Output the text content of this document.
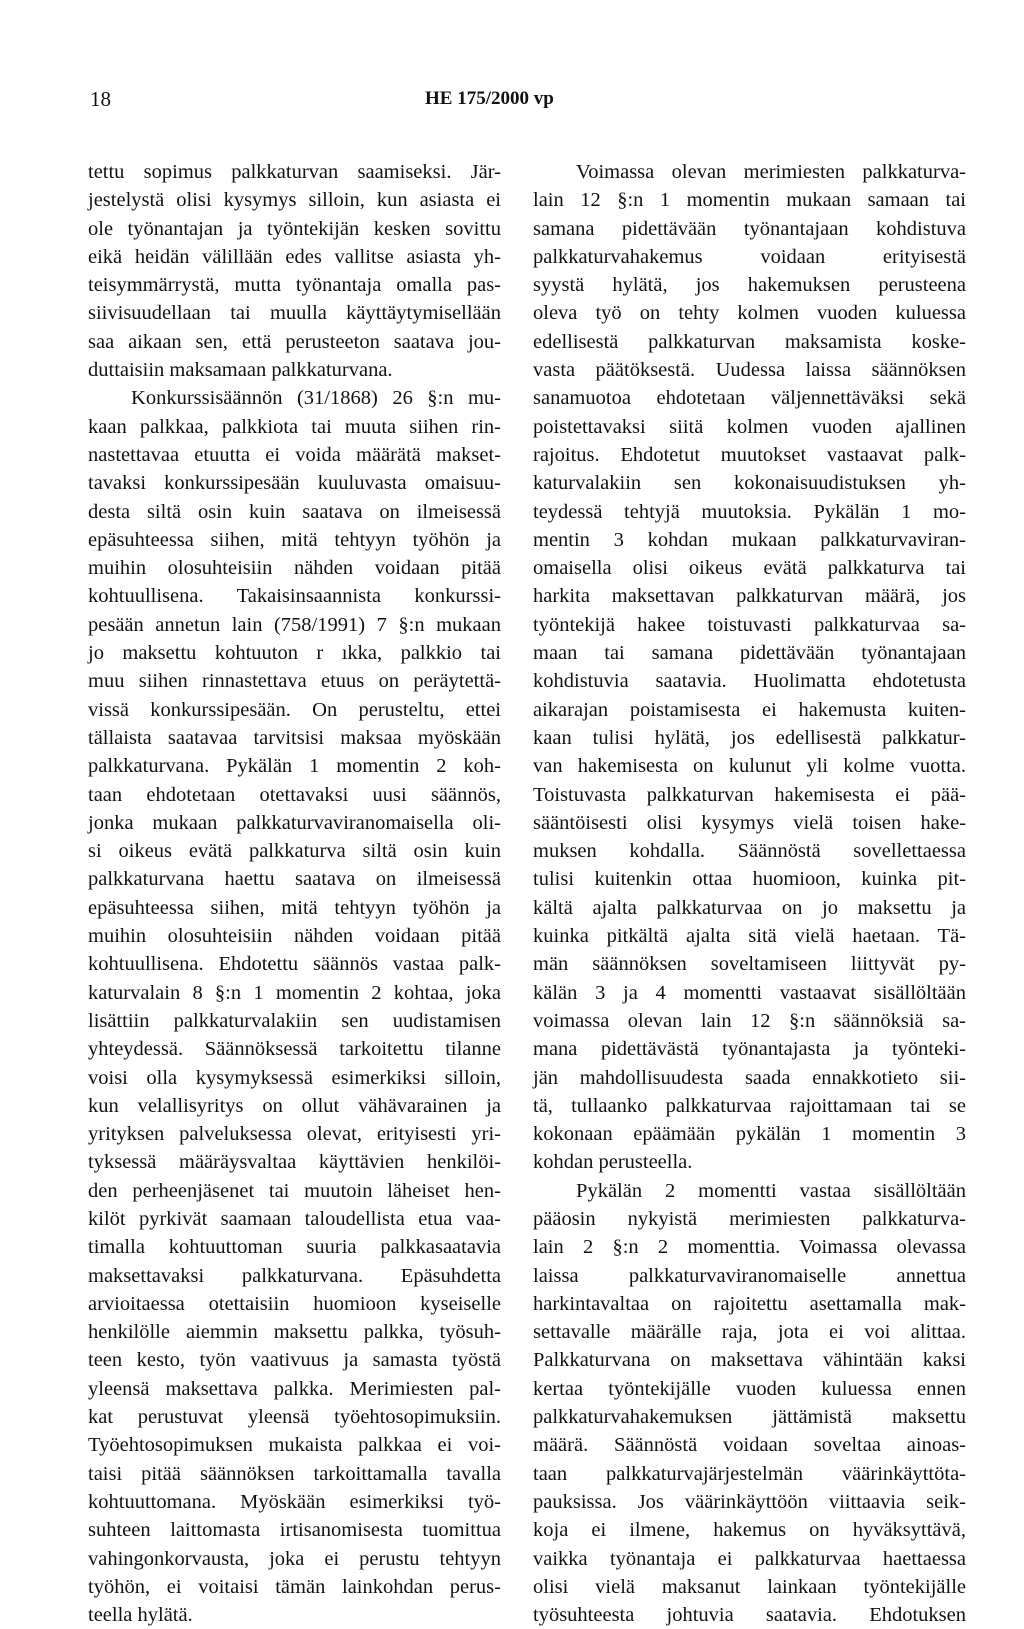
18	HE 175/2000 vp
tettu sopimus palkkaturvan saamiseksi. Jär-
jestelystä olisi kysymys silloin, kun asiasta ei
ole työnantajan ja työntekijän kesken sovittu
eikä heidän välillään edes vallitse asiasta yh-
teisymmärrystä, mutta työnantaja omalla pas-
siivisuudellaan tai muulla käyttäytymisellään
saa aikaan sen, että perusteeton saatava jou-
duttaisiin maksamaan palkkaturvana.
Konkurssisäännön (31/1868) 26 §:n mu-
kaan palkkaa, palkkiota tai muuta siihen rin-
nastettavaa etuutta ei voida määrätä makset-
tavaksi konkurssipesään kuuluvasta omaisuu-
desta siltä osin kuin saatava on ilmeisessä
epäsuhteessa siihen, mitä tehtyyn työhön ja
muihin olosuhteisiin nähden voidaan pitää
kohtuullisena. Takaisinsaannista konkurssi-
pesään annetun lain (758/1991) 7 §:n mukaan
jo maksettu kohtuuton r ıkka, palkkio tai
muu siihen rinnastettava etuus on peräytettä-
vissä konkurssipesään. On perusteltu, ettei
tällaista saatavaa tarvitsisi maksaa myöskään
palkkaturvana. Pykälän 1 momentin 2 koh-
taan ehdotetaan otettavaksi uusi säännös,
jonka mukaan palkkaturvaviranomaisella oli-
si oikeus evätä palkkaturva siltä osin kuin
palkkaturvana haettu saatava on ilmeisessä
epäsuhteessa siihen, mitä tehtyyn työhön ja
muihin olosuhteisiin nähden voidaan pitää
kohtuullisena. Ehdotettu säännös vastaa palk-
katurvalain 8 §:n 1 momentin 2 kohtaa, joka
lisättiin palkkaturvalakiin sen uudistamisen
yhteydessä. Säännöksessä tarkoitettu tilanne
voisi olla kysymyksessä esimerkiksi silloin,
kun velallisyritys on ollut vähävarainen ja
yrityksen palveluksessa olevat, erityisesti yri-
tyksessä määräysvaltaa käyttävien henkilöi-
den perheenjäsenet tai muutoin läheiset hen-
kilöt pyrkivät saamaan taloudellista etua vaa-
timalla kohtuuttoman suuria palkkasaatavia
maksettavaksi palkkaturvana. Epäsuhdetta
arvioitaessa otettaisiin huomioon kyseiselle
henkilölle aiemmin maksettu palkka, työsuh-
teen kesto, työn vaativuus ja samasta työstä
yleensä maksettava palkka. Merimiesten pal-
kat perustuvat yleensä työehtosopimuksiin.
Työehtosopimuksen mukaista palkkaa ei voi-
taisi pitää säännöksen tarkoittamalla tavalla
kohtuuttomana. Myöskään esimerkiksi työ-
suhteen laittomasta irtisanomisesta tuomittua
vahingonkorvausta, joka ei perustu tehtyyn
työhön, ei voitaisi tämän lainkohdan perus-
teella hylätä.
Voimassa olevan merimiesten palkkaturva-
lain 12 §:n 1 momentin mukaan samaan tai
samana pidettävään työnantajaan kohdistuva
palkkaturvahakemus voidaan erityisestä
syystä hylätä, jos hakemuksen perusteena
oleva työ on tehty kolmen vuoden kuluessa
edellisestä palkkaturvan maksamista koske-
vasta päätöksestä. Uudessa laissa säännöksen
sanamuotoa ehdotetaan väljennettäväksi sekä
poistettavaksi siitä kolmen vuoden ajallinen
rajoitus. Ehdotetut muutokset vastaavat palk-
katurvalakiin sen kokonaisuudistuksen yh-
teydessä tehtyjä muutoksia. Pykälän 1 mo-
mentin 3 kohdan mukaan palkkaturvaviran-
omaisella olisi oikeus evätä palkkaturva tai
harkita maksettavan palkkaturvan määrä, jos
työntekijä hakee toistuvasti palkkaturvaa sa-
maan tai samana pidettävään työnantajaan
kohdistuvia saatavia. Huolimatta ehdotetusta
aikarajan poistamisesta ei hakemusta kuiten-
kaan tulisi hylätä, jos edellisestä palkkatur-
van hakemisesta on kulunut yli kolme vuotta.
Toistuvasta palkkaturvan hakemisesta ei pää-
sääntöisesti olisi kysymys vielä toisen hake-
muksen kohdalla. Säännöstä sovellettaessa
tulisi kuitenkin ottaa huomioon, kuinka pit-
kältä ajalta palkkaturvaa on jo maksettu ja
kuinka pitkältä ajalta sitä vielä haetaan. Tä-
män säännöksen soveltamiseen liittyvät py-
kälän 3 ja 4 momentti vastaavat sisällöltään
voimassa olevan lain 12 §:n säännöksiä sa-
mana pidettävästä työnantajasta ja työnteki-
jän mahdollisuudesta saada ennakkotieto sii-
tä, tullaanko palkkaturvaa rajoittamaan tai se
kokonaan epäämään pykälän 1 momentin 3
kohdan perusteella.
Pykälän 2 momentti vastaa sisällöltään
pääosin nykyistä merimiesten palkkaturva-
lain 2 §:n 2 momenttia. Voimassa olevassa
laissa palkkaturvaviranomaiselle annettua
harkintavaltaa on rajoitettu asettamalla mak-
settavalle määrälle raja, jota ei voi alittaa.
Palkkaturvana on maksettava vähintään kaksi
kertaa työntekijälle vuoden kuluessa ennen
palkkaturvahakemuksen jättämistä maksettu
määrä. Säännöstä voidaan soveltaa ainoas-
taan palkkaturvajärjestelmän väärinkäyttöta-
pauksissa. Jos väärinkäyttöön viittaavia seik-
koja ei ilmene, hakemus on hyväksyttävä,
vaikka työnantaja ei palkkaturvaa haettaessa
olisi vielä maksanut lainkaan työntekijälle
työsuhteesta johtuvia saatavia. Ehdotuksen
